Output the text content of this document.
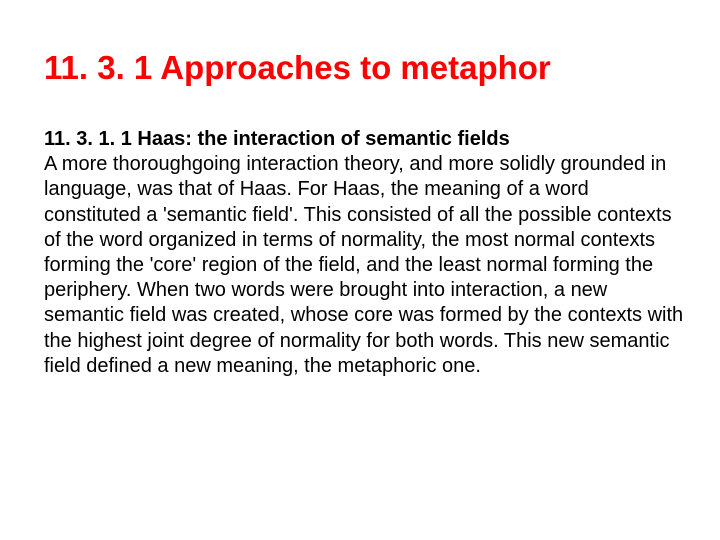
11. 3. 1 Approaches to metaphor

11. 3. 1. 1 Haas: the interaction of semantic fields

A more thoroughgoing interaction theory, and more solidly grounded in language, was that of Haas. For Haas, the meaning of a word constituted a 'semantic field'. This consisted of all the possible contexts of the word organized in terms of normality, the most normal contexts forming the 'core' region of the field, and the least normal forming the periphery. When two words were brought into interaction, a new semantic field was created, whose core was formed by the contexts with the highest joint degree of normality for both words. This new semantic field defined a new meaning, the metaphoric one.
